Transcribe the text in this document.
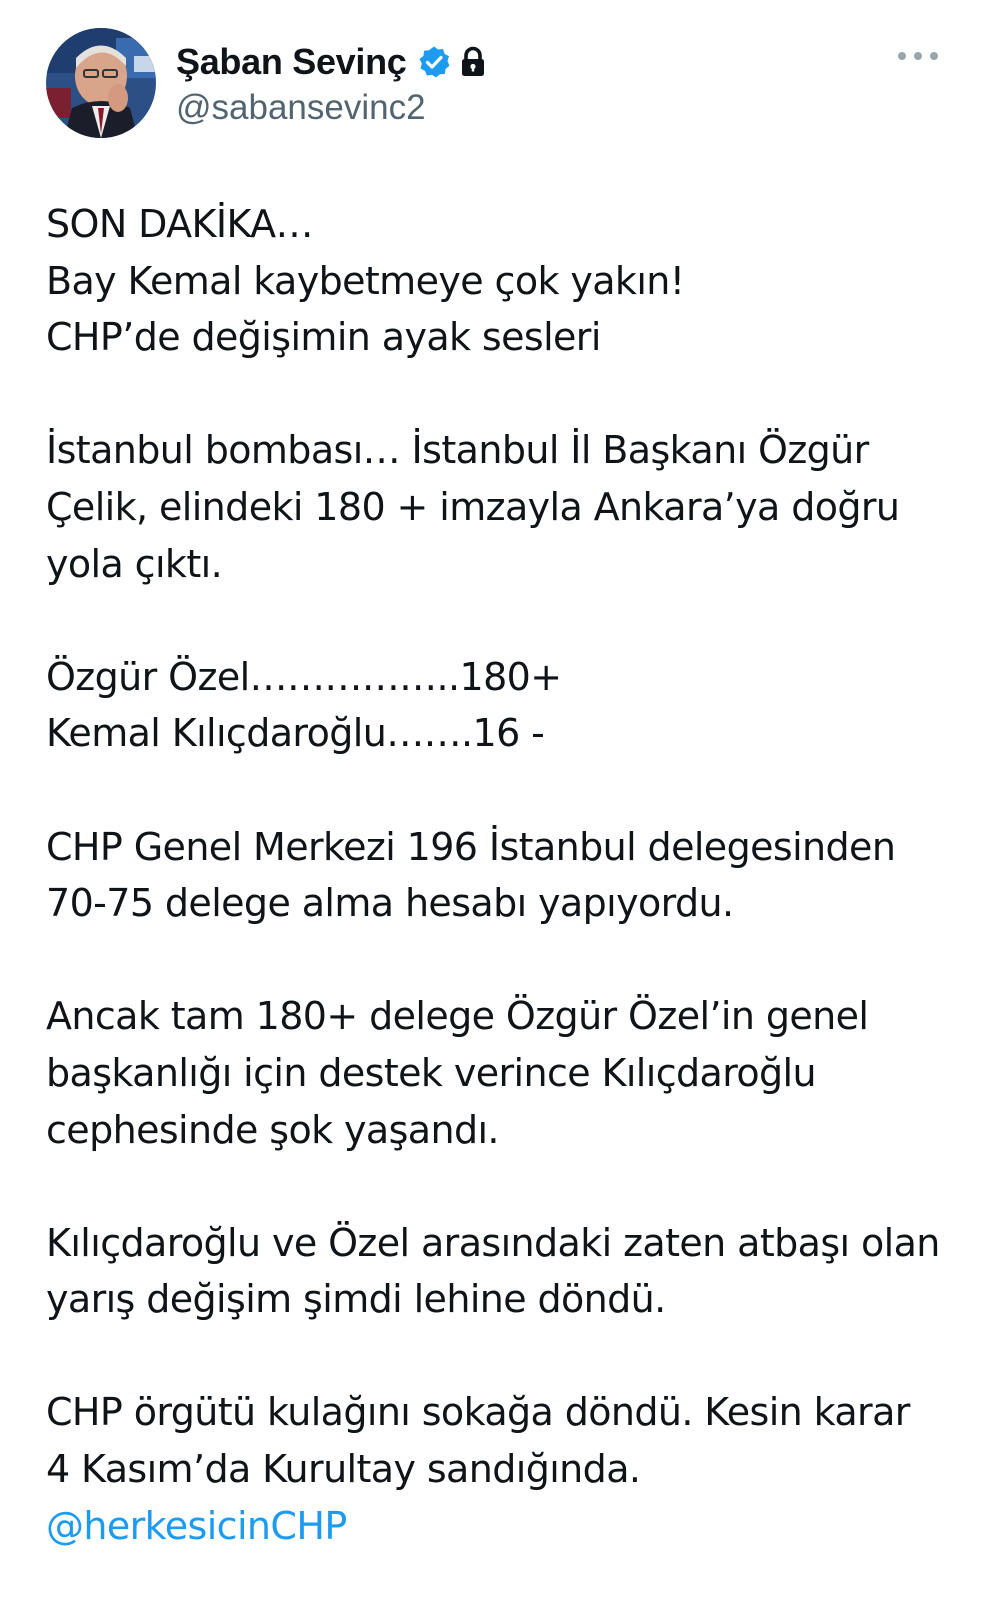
Şaban Sevinç
@sabansevinc2
SON DAKİKA…
Bay Kemal kaybetmeye çok yakın!
CHP’de değişimin ayak sesleri
İstanbul bombası… İstanbul İl Başkanı Özgür
Çelik, elindeki 180 + imzayla Ankara’ya doğru
yola çıktı.
Özgür Özel……………..180+
Kemal Kılıçdaroğlu…….16 -
CHP Genel Merkezi 196 İstanbul delegesinden
70-75 delege alma hesabı yapıyordu.
Ancak tam 180+ delege Özgür Özel’in genel
başkanlığı için destek verince Kılıçdaroğlu
cephesinde şok yaşandı.
Kılıçdaroğlu ve Özel arasındaki zaten atbaşı olan
yarış değişim şimdi lehine döndü.
CHP örgütü kulağını sokağa döndü. Kesin karar
4 Kasım’da Kurultay sandığında.
@herkesicinCHP
